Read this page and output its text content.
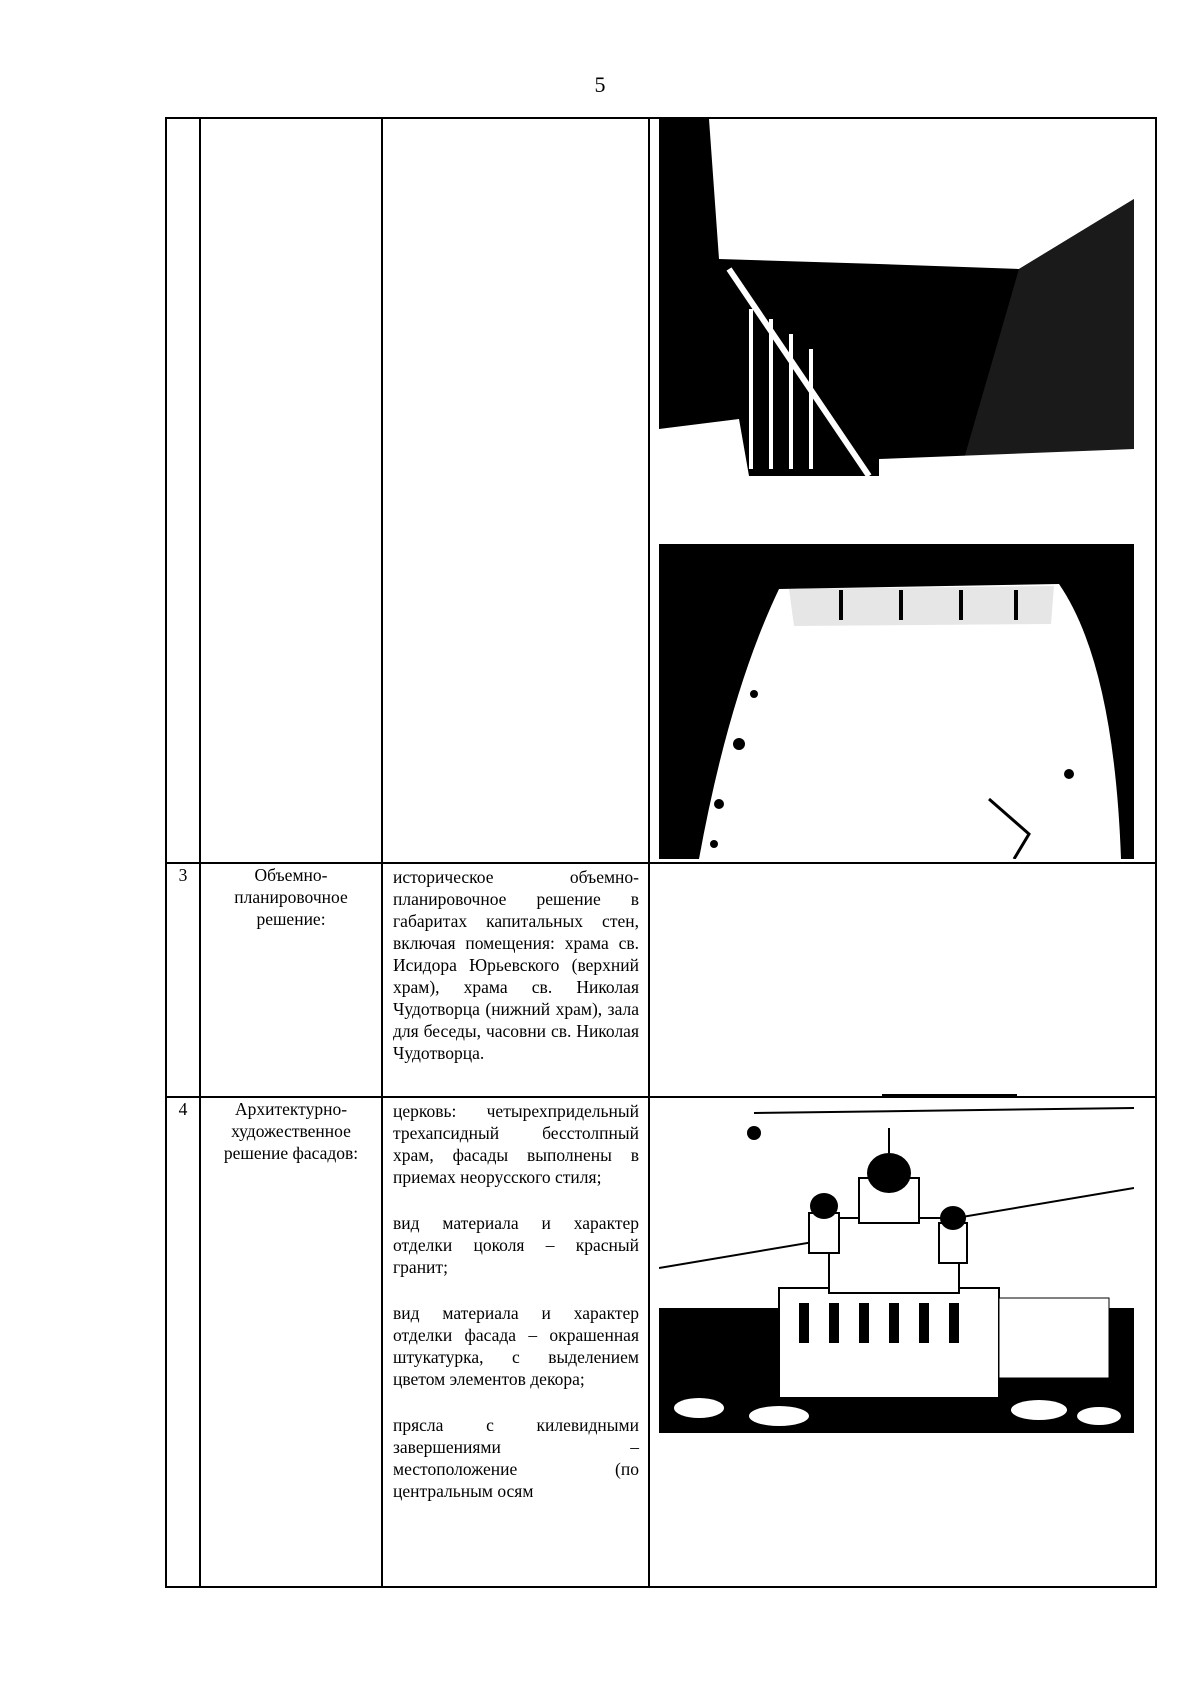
5

3	Объемно-планировочное решение:	историческое объемно-планировочное решение в габаритах капитальных стен, включая помещения: храма св. Исидора Юрьевского (верхний храм), храма св. Николая Чудотворца (нижний храм), зала для беседы, часовни св. Николая Чудотворца.	

4	Архитектурно-художественное решение фасадов:	церковь: четырехпридельный трехапсидный бесстолпный храм, фасады выполнены в приемах неорусского стиля;

вид материала и характер отделки цоколя – красный гранит;

вид материала и характер отделки фасада – окрашенная штукатурка, с выделением цветом элементов декора;

прясла с килевидными завершениями – местоположение (по центральным осям
